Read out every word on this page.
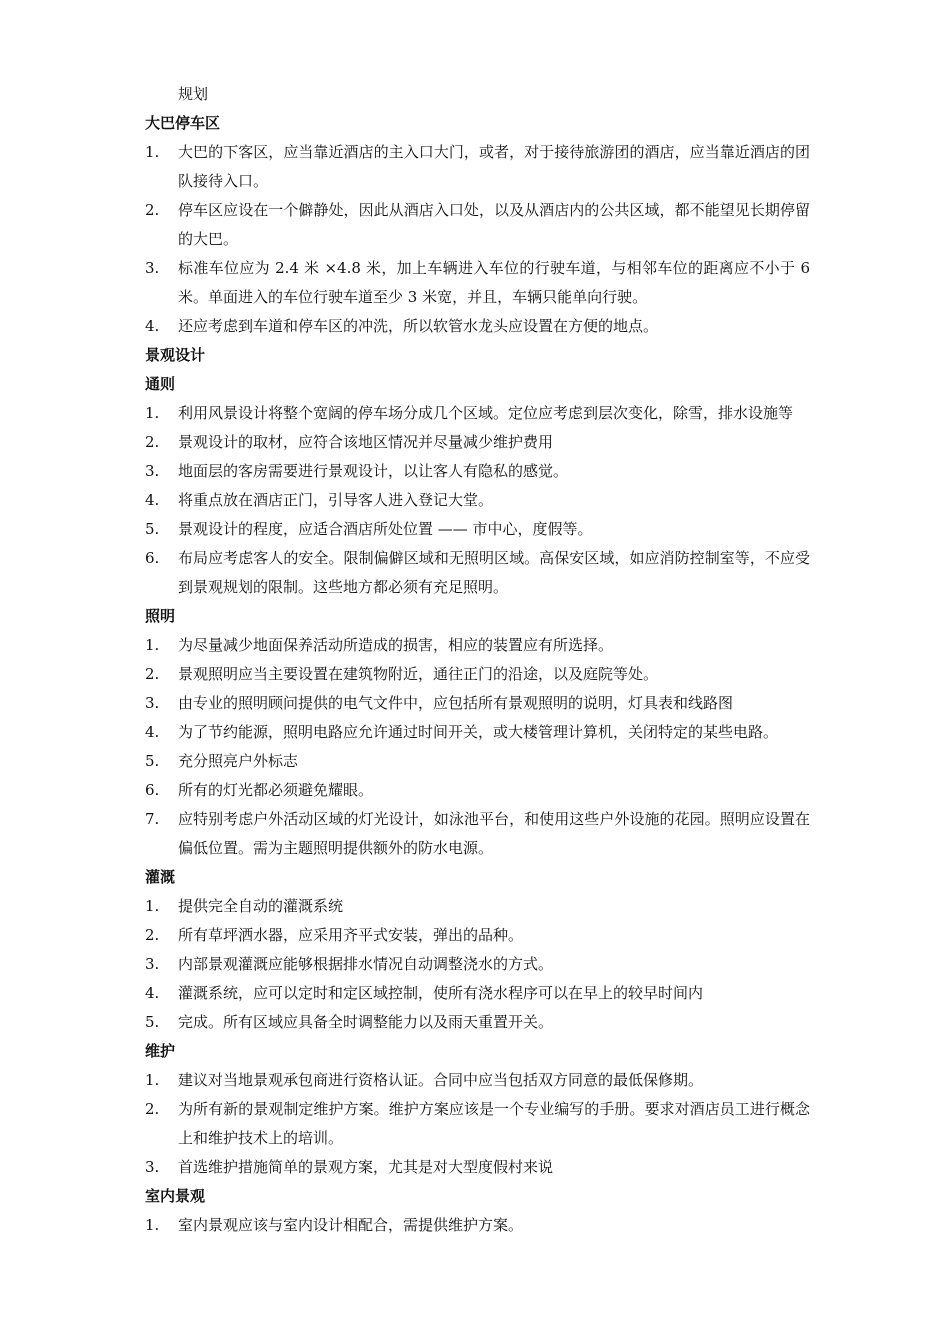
规划
大巴停车区
1.	大巴的下客区，应当靠近酒店的主入口大门，或者，对于接待旅游团的酒店，应当靠近酒店的团队接待入口。
2.	停车区应设在一个僻静处，因此从酒店入口处，以及从酒店内的公共区域，都不能望见长期停留的大巴。
3.	标准车位应为 2.4 米 ×4.8 米，加上车辆进入车位的行驶车道，与相邻车位的距离应不小于 6 米。单面进入的车位行驶车道至少 3 米宽，并且，车辆只能单向行驶。
4.	还应考虑到车道和停车区的冲洗，所以软管水龙头应设置在方便的地点。
景观设计
通则
1.	利用风景设计将整个宽阔的停车场分成几个区域。定位应考虑到层次变化，除雪，排水设施等
2.	景观设计的取材，应符合该地区情况并尽量减少维护费用
3.	地面层的客房需要进行景观设计，以让客人有隐私的感觉。
4.	将重点放在酒店正门，引导客人进入登记大堂。
5.	景观设计的程度，应适合酒店所处位置 —— 市中心，度假等。
6.	布局应考虑客人的安全。限制偏僻区域和无照明区域。高保安区域，如应消防控制室等，不应受到景观规划的限制。这些地方都必须有充足照明。
照明
1.	为尽量减少地面保养活动所造成的损害，相应的装置应有所选择。
2.	景观照明应当主要设置在建筑物附近，通往正门的沿途，以及庭院等处。
3.	由专业的照明顾问提供的电气文件中，应包括所有景观照明的说明，灯具表和线路图
4.	为了节约能源，照明电路应允许通过时间开关，或大楼管理计算机，关闭特定的某些电路。
5.	充分照亮户外标志
6.	所有的灯光都必须避免耀眼。
7.	应特别考虑户外活动区域的灯光设计，如泳池平台，和使用这些户外设施的花园。照明应设置在偏低位置。需为主题照明提供额外的防水电源。
灌溉
1.	提供完全自动的灌溉系统
2.	所有草坪洒水器，应采用齐平式安装，弹出的品种。
3.	内部景观灌溉应能够根据排水情况自动调整浇水的方式。
4.	灌溉系统，应可以定时和定区域控制，使所有浇水程序可以在早上的较早时间内
5.	完成。所有区域应具备全时调整能力以及雨天重置开关。
维护
1.	建议对当地景观承包商进行资格认证。合同中应当包括双方同意的最低保修期。
2.	为所有新的景观制定维护方案。维护方案应该是一个专业编写的手册。要求对酒店员工进行概念上和维护技术上的培训。
3.	首选维护措施简单的景观方案，尤其是对大型度假村来说
室内景观
1.	室内景观应该与室内设计相配合，需提供维护方案。
